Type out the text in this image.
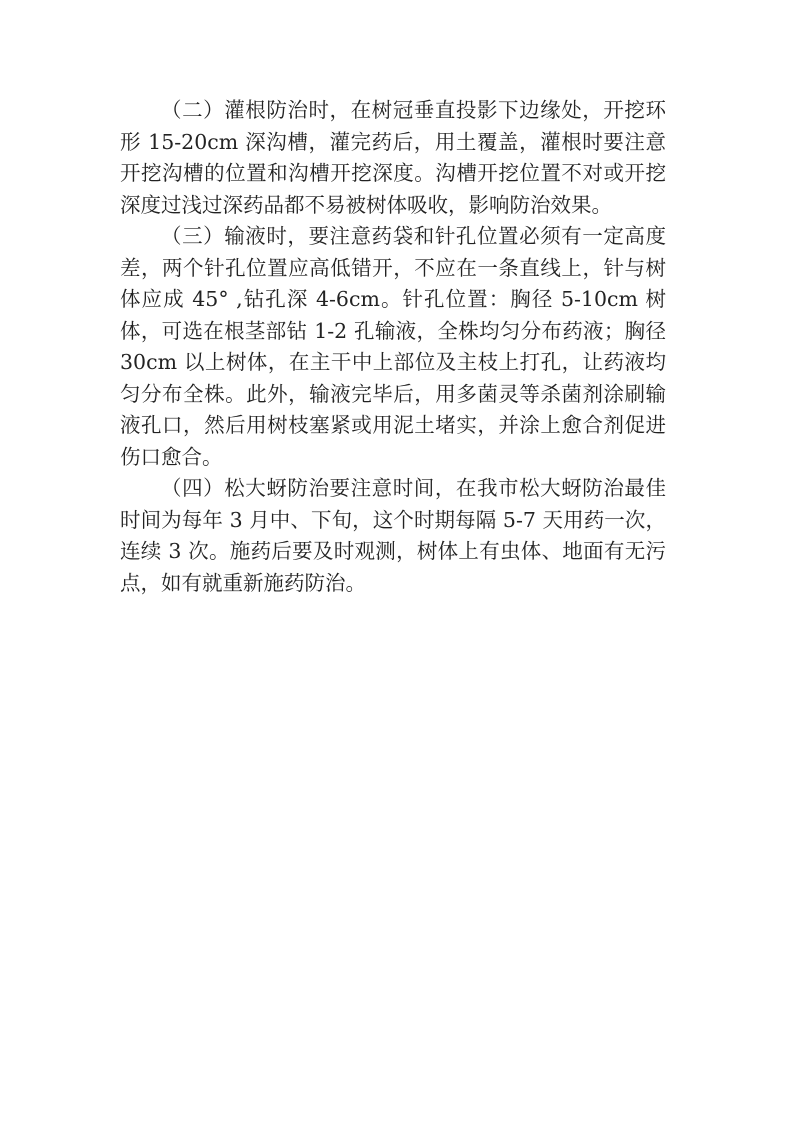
（二）灌根防治时，在树冠垂直投影下边缘处，开挖环形 15-20cm 深沟槽，灌完药后，用土覆盖，灌根时要注意开挖沟槽的位置和沟槽开挖深度。沟槽开挖位置不对或开挖深度过浅过深药品都不易被树体吸收，影响防治效果。

（三）输液时，要注意药袋和针孔位置必须有一定高度差，两个针孔位置应高低错开，不应在一条直线上，针与树体应成 45° ,钻孔深 4-6cm。针孔位置：胸径 5-10cm 树体，可选在根茎部钻 1-2 孔输液，全株均匀分布药液；胸径 30cm 以上树体，在主干中上部位及主枝上打孔，让药液均匀分布全株。此外，输液完毕后，用多菌灵等杀菌剂涂刷输液孔口，然后用树枝塞紧或用泥土堵实，并涂上愈合剂促进伤口愈合。

（四）松大蚜防治要注意时间，在我市松大蚜防治最佳时间为每年 3 月中、下旬，这个时期每隔 5-7 天用药一次，连续 3 次。施药后要及时观测，树体上有虫体、地面有无污点，如有就重新施药防治。
